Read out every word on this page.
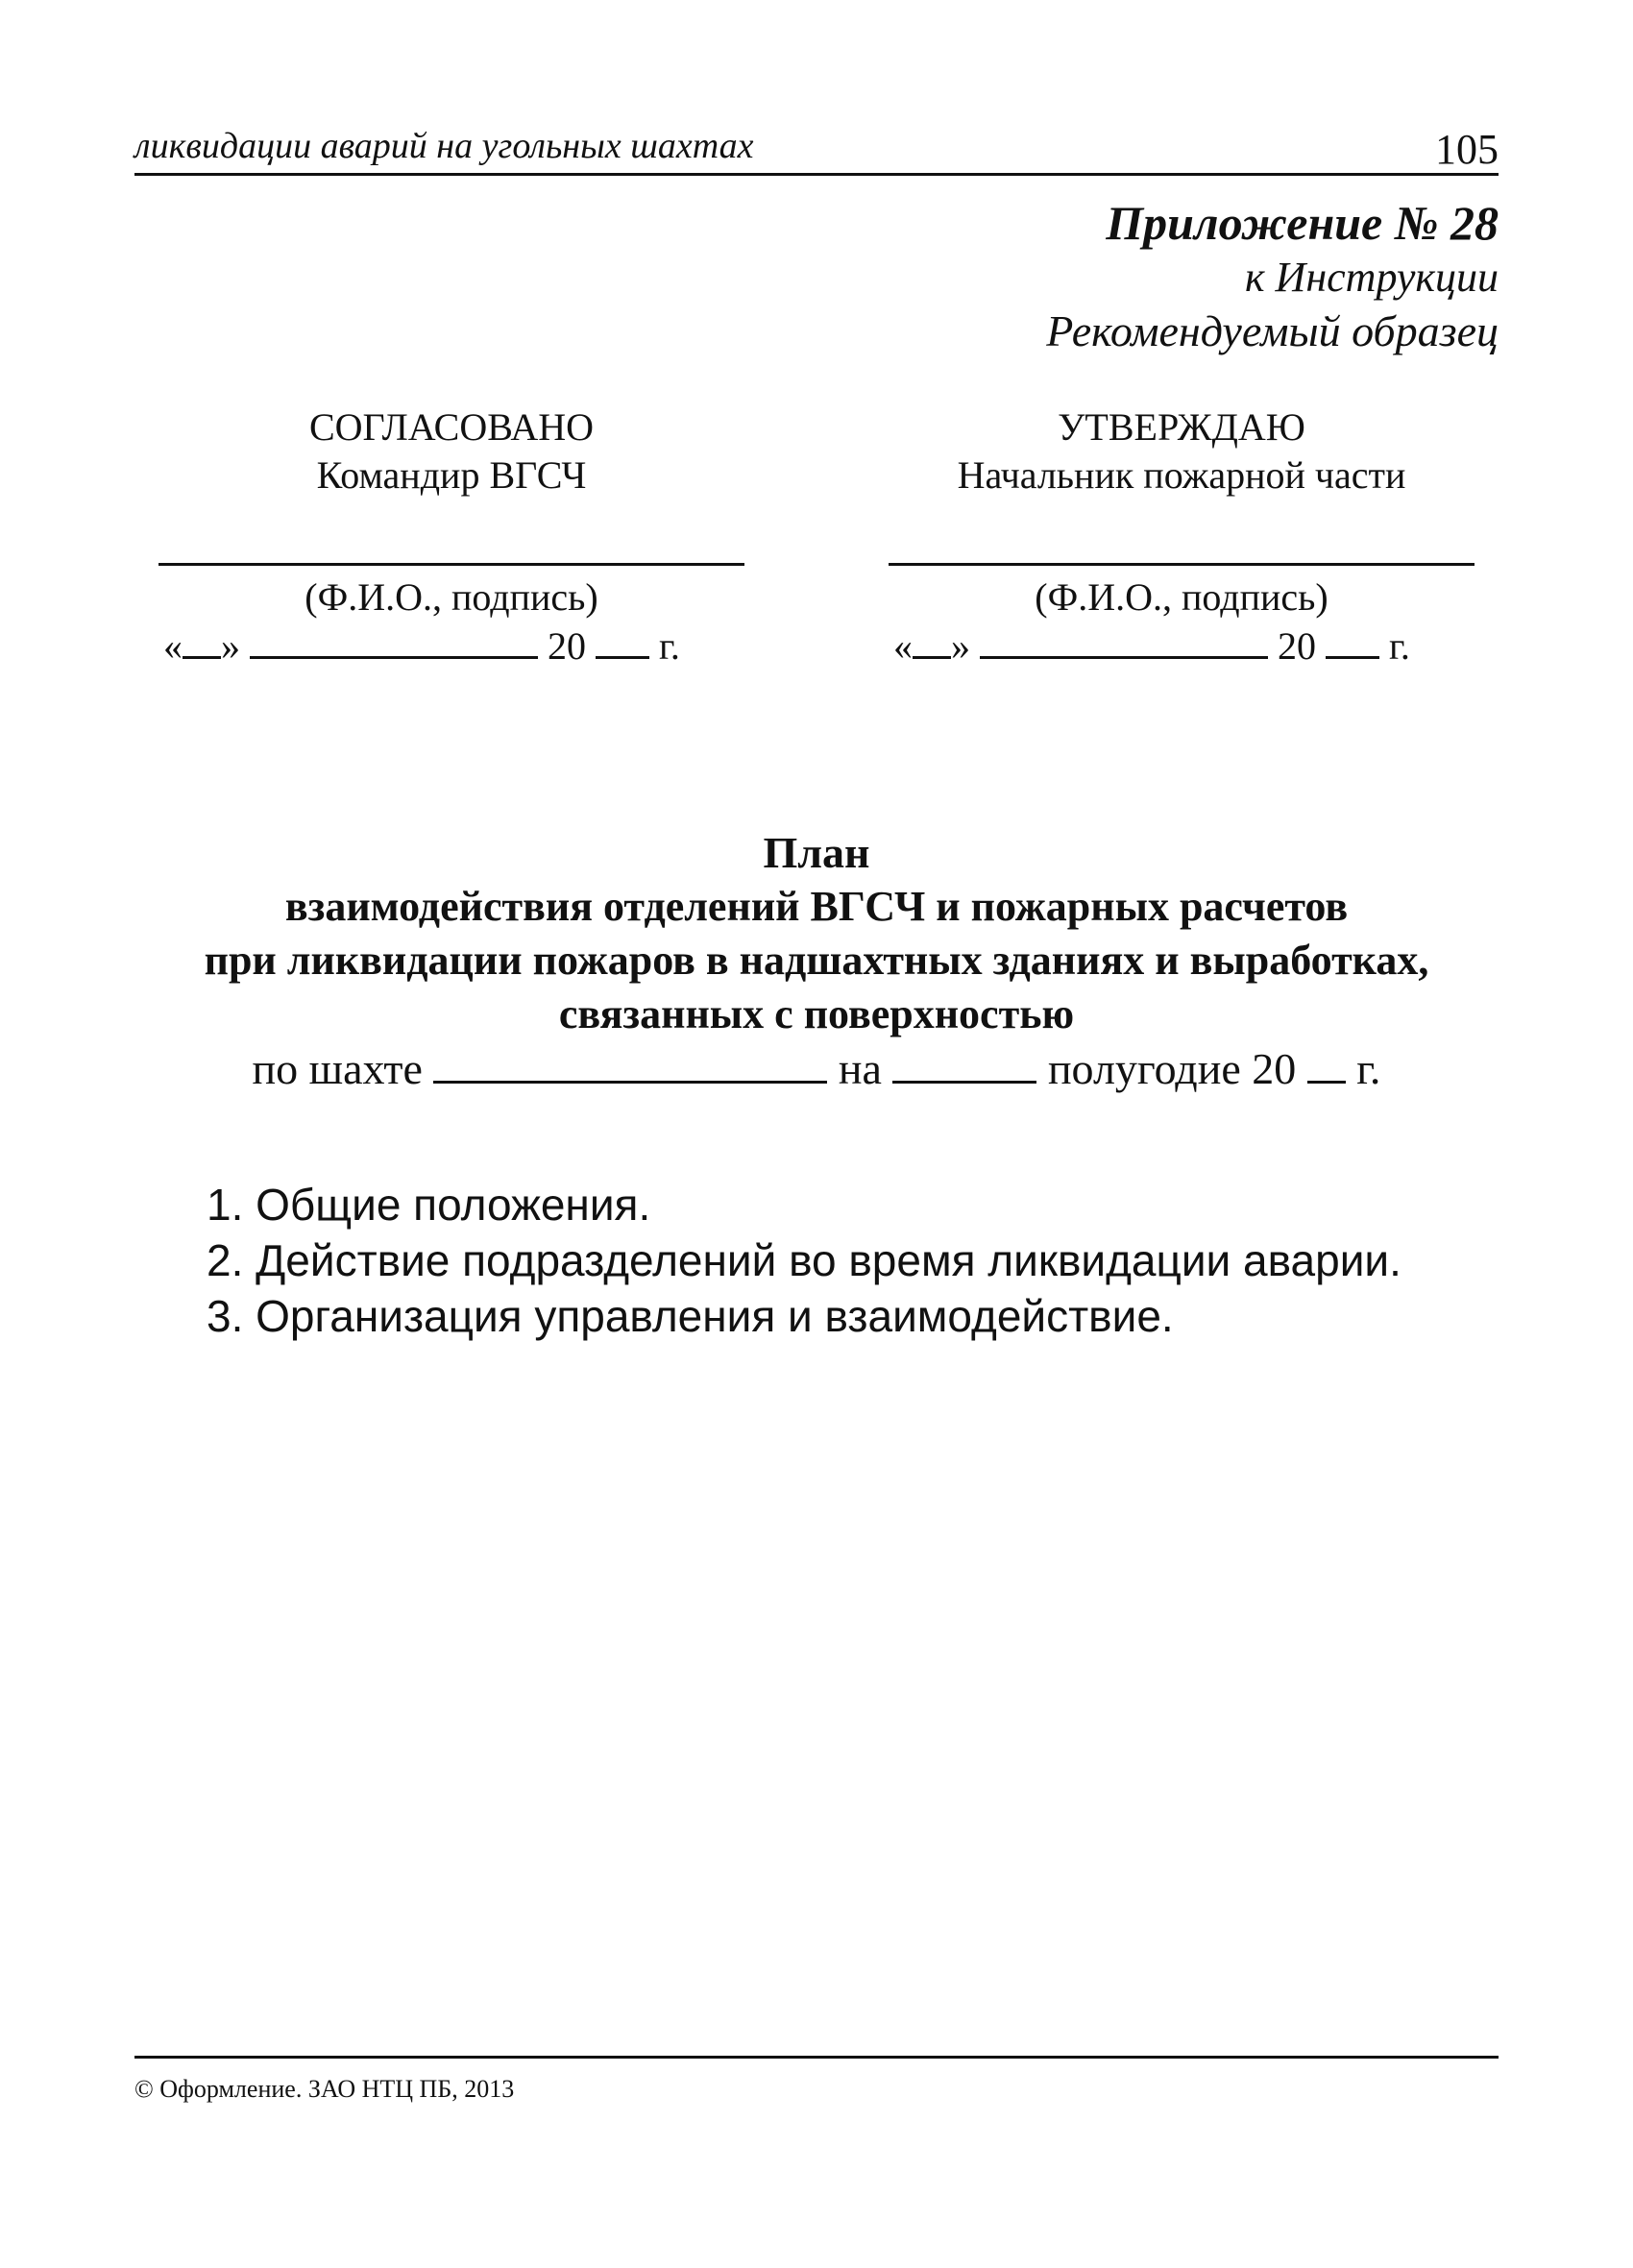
ликвидации аварий на угольных шахтах	105
Приложение № 28
к Инструкции
Рекомендуемый образец
СОГЛАСОВАНО
Командир ВГСЧ
(Ф.И.О., подпись)
« »	20 г.
УТВЕРЖДАЮ
Начальник пожарной части
(Ф.И.О., подпись)
« »	20 г.
План
взаимодействия отделений ВГСЧ и пожарных расчетов
при ликвидации пожаров в надшахтных зданиях и выработках,
связанных с поверхностью
по шахте	на	полугодие 20 г.
1. Общие положения.
2. Действие подразделений во время ликвидации аварии.
3. Организация управления и взаимодействие.
© Оформление. ЗАО НТЦ ПБ, 2013
